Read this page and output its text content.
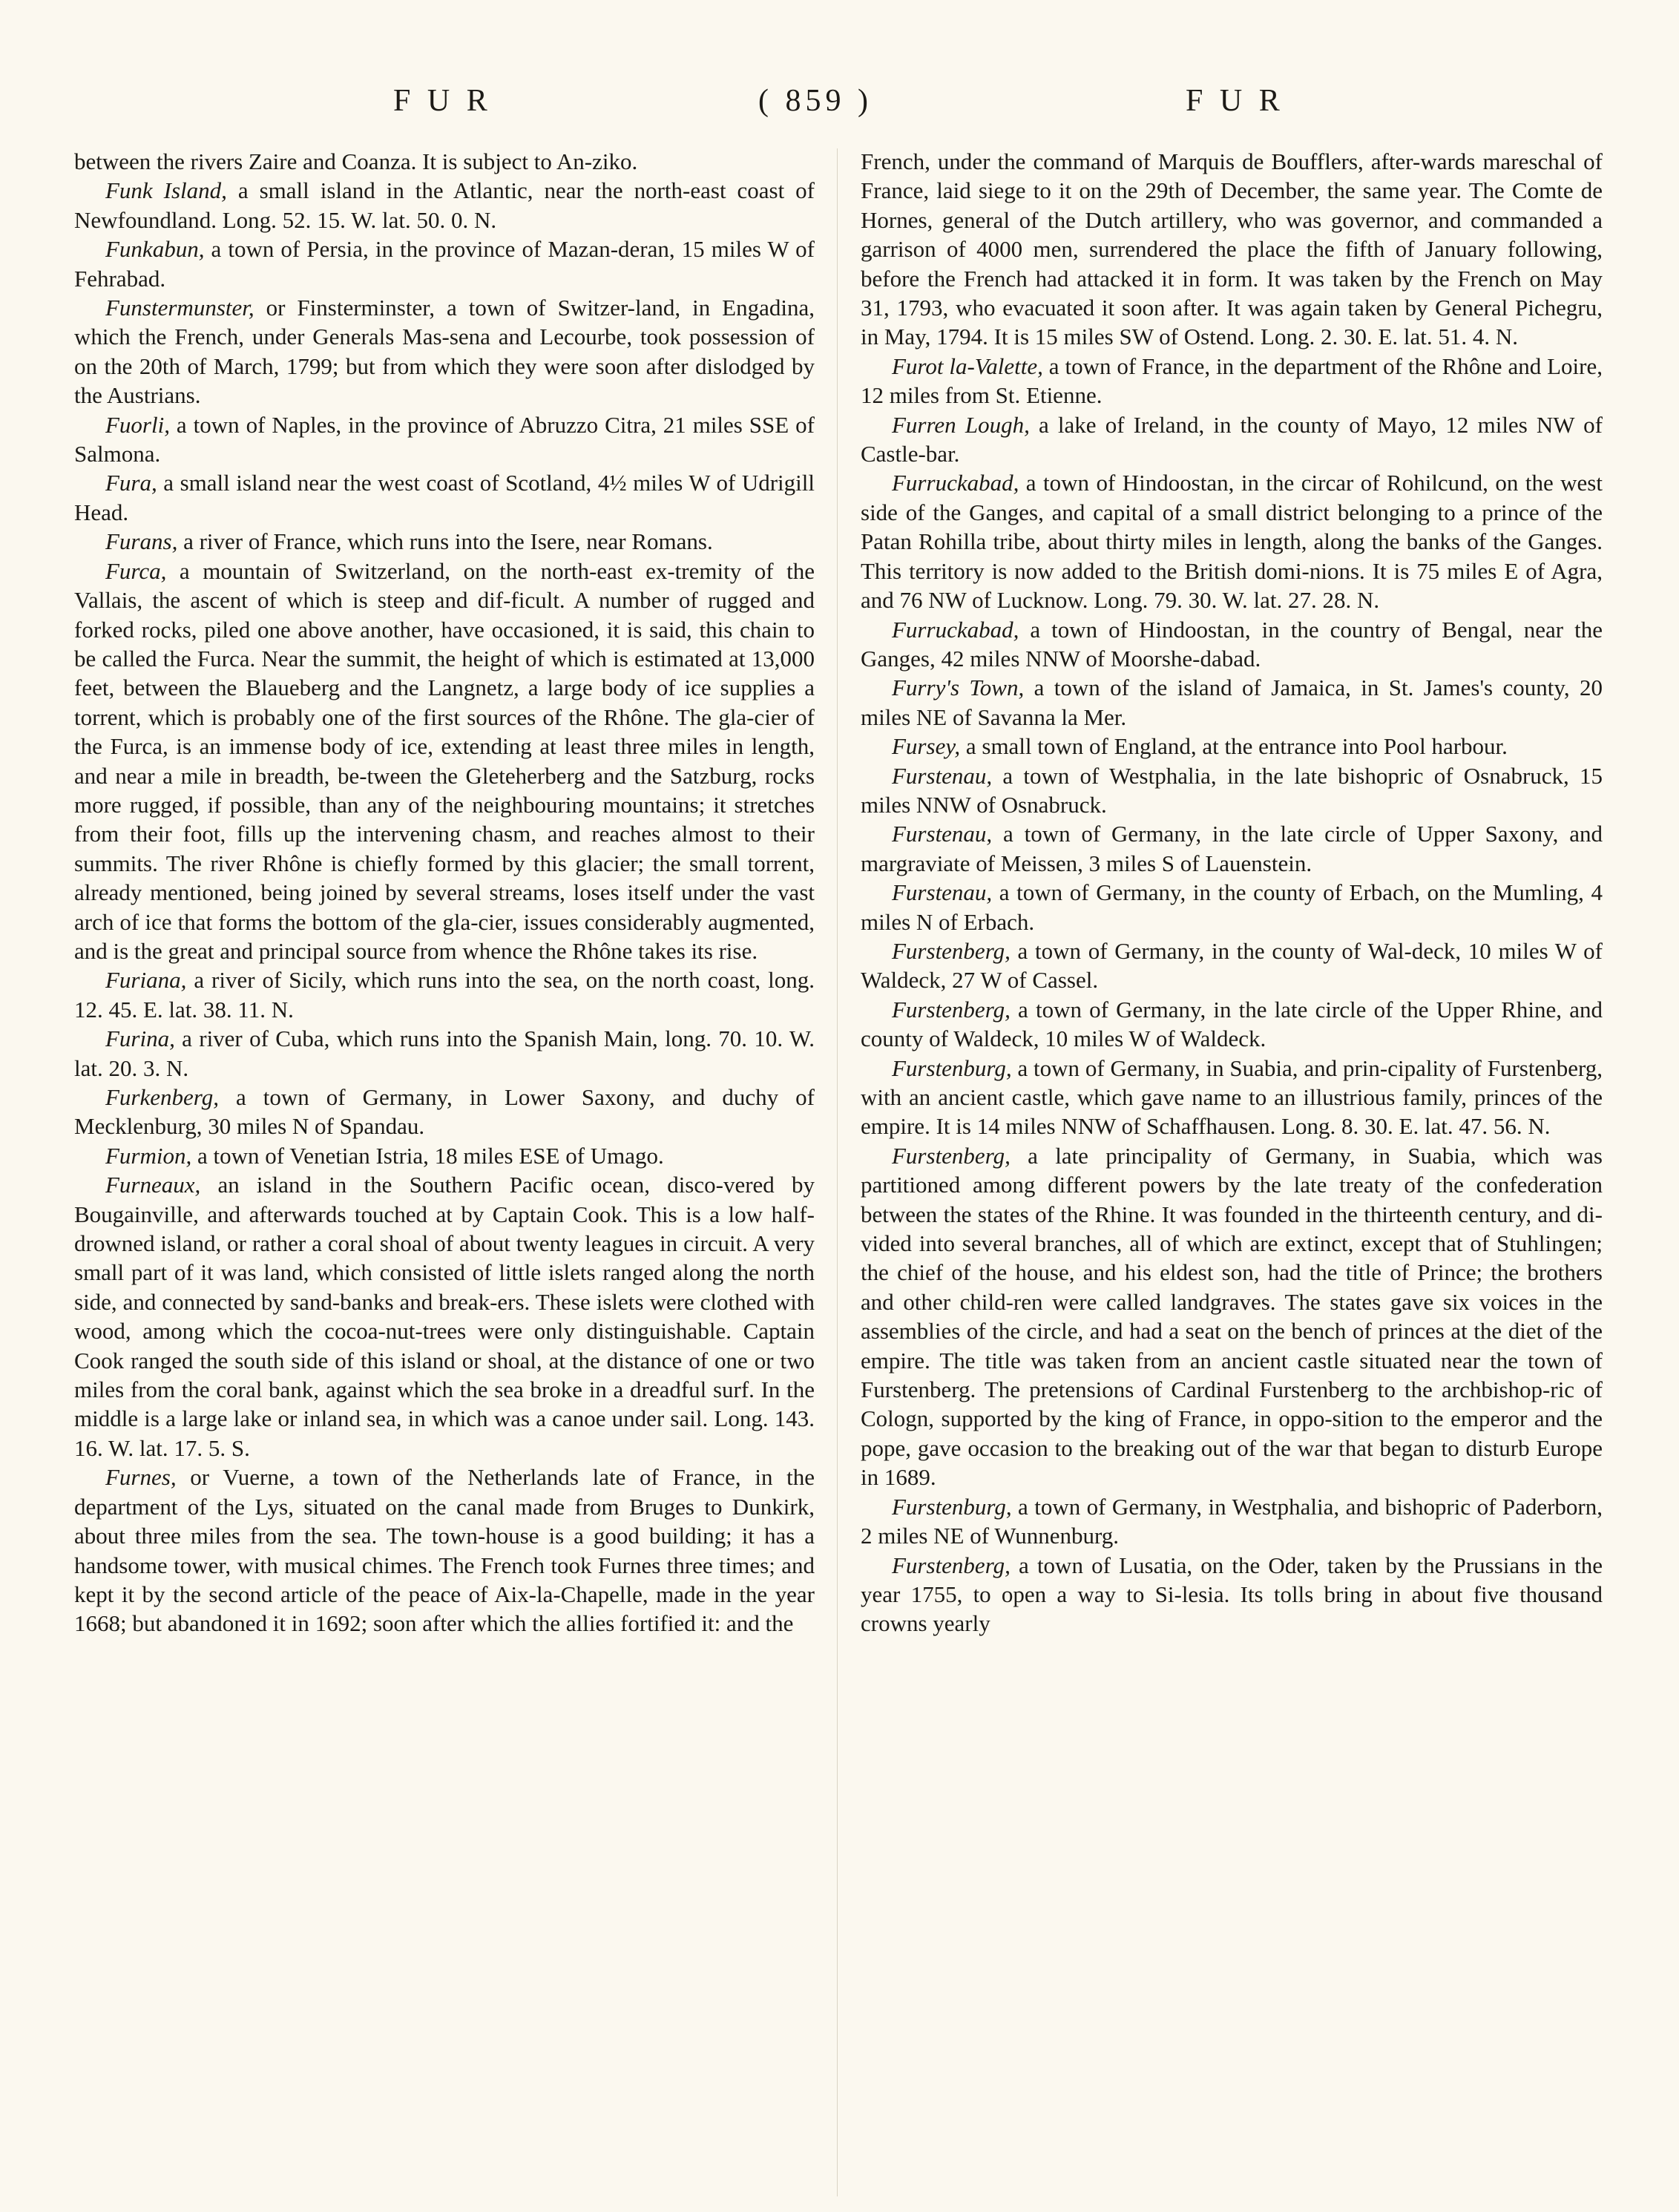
F U R	( 859 )	F U R

between the rivers Zaire and Coanza. It is subject to An-ziko.

Funk Island, a small island in the Atlantic, near the north-east coast of Newfoundland. Long. 52. 15. W. lat. 50. 0. N.

Funkabun, a town of Persia, in the province of Mazan-deran, 15 miles W of Fehrabad.

Funstermunster, or Finsterminster, a town of Switzer-land, in Engadina, which the French, under Generals Mas-sena and Lecourbe, took possession of on the 20th of March, 1799; but from which they were soon after dislodged by the Austrians.

Fuorli, a town of Naples, in the province of Abruzzo Citra, 21 miles SSE of Salmona.

Fura, a small island near the west coast of Scotland, 4½ miles W of Udrigill Head.

Furans, a river of France, which runs into the Isere, near Romans.

Furca, a mountain of Switzerland, on the north-east ex-tremity of the Vallais, the ascent of which is steep and dif-ficult. A number of rugged and forked rocks, piled one above another, have occasioned, it is said, this chain to be called the Furca. Near the summit, the height of which is estimated at 13,000 feet, between the Blaueberg and the Langnetz, a large body of ice supplies a torrent, which is probably one of the first sources of the Rhône. The gla-cier of the Furca, is an immense body of ice, extending at least three miles in length, and near a mile in breadth, be-tween the Gleteherberg and the Satzburg, rocks more rugged, if possible, than any of the neighbouring mountains; it stretches from their foot, fills up the intervening chasm, and reaches almost to their summits. The river Rhône is chiefly formed by this glacier; the small torrent, already mentioned, being joined by several streams, loses itself under the vast arch of ice that forms the bottom of the gla-cier, issues considerably augmented, and is the great and principal source from whence the Rhône takes its rise.

Furiana, a river of Sicily, which runs into the sea, on the north coast, long. 12. 45. E. lat. 38. 11. N.

Furina, a river of Cuba, which runs into the Spanish Main, long. 70. 10. W. lat. 20. 3. N.

Furkenberg, a town of Germany, in Lower Saxony, and duchy of Mecklenburg, 30 miles N of Spandau.

Furmion, a town of Venetian Istria, 18 miles ESE of Umago.

Furneaux, an island in the Southern Pacific ocean, disco-vered by Bougainville, and afterwards touched at by Captain Cook. This is a low half-drowned island, or rather a coral shoal of about twenty leagues in circuit. A very small part of it was land, which consisted of little islets ranged along the north side, and connected by sand-banks and break-ers. These islets were clothed with wood, among which the cocoa-nut-trees were only distinguishable. Captain Cook ranged the south side of this island or shoal, at the distance of one or two miles from the coral bank, against which the sea broke in a dreadful surf. In the middle is a large lake or inland sea, in which was a canoe under sail. Long. 143. 16. W. lat. 17. 5. S.

Furnes, or Vuerne, a town of the Netherlands late of France, in the department of the Lys, situated on the canal made from Bruges to Dunkirk, about three miles from the sea. The town-house is a good building; it has a handsome tower, with musical chimes. The French took Furnes three times; and kept it by the second article of the peace of Aix-la-Chapelle, made in the year 1668; but abandoned it in 1692; soon after which the allies fortified it: and the

French, under the command of Marquis de Boufflers, after-wards mareschal of France, laid siege to it on the 29th of December, the same year. The Comte de Hornes, general of the Dutch artillery, who was governor, and commanded a garrison of 4000 men, surrendered the place the fifth of January following, before the French had attacked it in form. It was taken by the French on May 31, 1793, who evacuated it soon after. It was again taken by General Pichegru, in May, 1794. It is 15 miles SW of Ostend. Long. 2. 30. E. lat. 51. 4. N.

Furot la-Valette, a town of France, in the department of the Rhône and Loire, 12 miles from St. Etienne.

Furren Lough, a lake of Ireland, in the county of Mayo, 12 miles NW of Castle-bar.

Furruckabad, a town of Hindoostan, in the circar of Rohilcund, on the west side of the Ganges, and capital of a small district belonging to a prince of the Patan Rohilla tribe, about thirty miles in length, along the banks of the Ganges. This territory is now added to the British domi-nions. It is 75 miles E of Agra, and 76 NW of Lucknow. Long. 79. 30. W. lat. 27. 28. N.

Furruckabad, a town of Hindoostan, in the country of Bengal, near the Ganges, 42 miles NNW of Moorshe-dabad.

Furry's Town, a town of the island of Jamaica, in St. James's county, 20 miles NE of Savanna la Mer.

Fursey, a small town of England, at the entrance into Pool harbour.

Furstenau, a town of Westphalia, in the late bishopric of Osnabruck, 15 miles NNW of Osnabruck.

Furstenau, a town of Germany, in the late circle of Upper Saxony, and margraviate of Meissen, 3 miles S of Lauenstein.

Furstenau, a town of Germany, in the county of Erbach, on the Mumling, 4 miles N of Erbach.

Furstenberg, a town of Germany, in the county of Wal-deck, 10 miles W of Waldeck, 27 W of Cassel.

Furstenberg, a town of Germany, in the late circle of the Upper Rhine, and county of Waldeck, 10 miles W of Waldeck.

Furstenburg, a town of Germany, in Suabia, and prin-cipality of Furstenberg, with an ancient castle, which gave name to an illustrious family, princes of the empire. It is 14 miles NNW of Schaffhausen. Long. 8. 30. E. lat. 47. 56. N.

Furstenberg, a late principality of Germany, in Suabia, which was partitioned among different powers by the late treaty of the confederation between the states of the Rhine. It was founded in the thirteenth century, and di-vided into several branches, all of which are extinct, except that of Stuhlingen; the chief of the house, and his eldest son, had the title of Prince; the brothers and other child-ren were called landgraves. The states gave six voices in the assemblies of the circle, and had a seat on the bench of princes at the diet of the empire. The title was taken from an ancient castle situated near the town of Furstenberg. The pretensions of Cardinal Furstenberg to the archbishop-ric of Cologn, supported by the king of France, in oppo-sition to the emperor and the pope, gave occasion to the breaking out of the war that began to disturb Europe in 1689.

Furstenburg, a town of Germany, in Westphalia, and bishopric of Paderborn, 2 miles NE of Wunnenburg.

Furstenberg, a town of Lusatia, on the Oder, taken by the Prussians in the year 1755, to open a way to Si-lesia. Its tolls bring in about five thousand crowns yearly
